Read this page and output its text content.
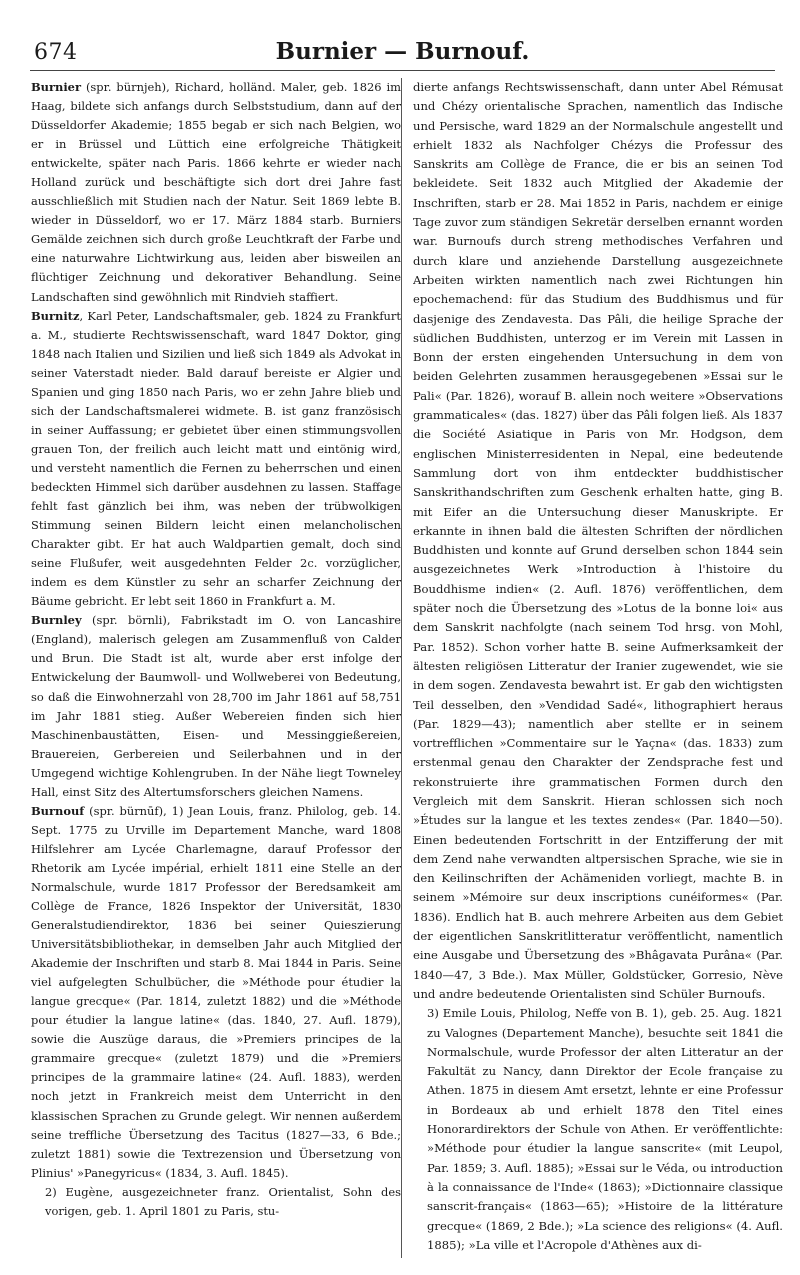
674	Burnier — Burnouf.

Burnier (spr. bürnjeh), Richard, holländ. Maler, geb. 1826 im Haag, bildete sich anfangs durch Selbststudium, dann auf der Düsseldorfer Akademie; 1855 begab er sich nach Belgien, wo er in Brüssel und Lüttich eine erfolgreiche Thätigkeit entwickelte, später nach Paris. 1866 kehrte er wieder nach Holland zurück und beschäftigte sich dort drei Jahre fast ausschließlich mit Studien nach der Natur. Seit 1869 lebte B. wieder in Düsseldorf, wo er 17. März 1884 starb. Burniers Gemälde zeichnen sich durch große Leuchtkraft der Farbe und eine naturwahre Lichtwirkung aus, leiden aber bisweilen an flüchtiger Zeichnung und dekorativer Behandlung. Seine Landschaften sind gewöhnlich mit Rindvieh staffiert.

Burnitz, Karl Peter, Landschaftsmaler, geb. 1824 zu Frankfurt a. M., studierte Rechtswissenschaft, ward 1847 Doktor, ging 1848 nach Italien und Sizilien und ließ sich 1849 als Advokat in seiner Vaterstadt nieder. Bald darauf bereiste er Algier und Spanien und ging 1850 nach Paris, wo er zehn Jahre blieb und sich der Landschaftsmalerei widmete. B. ist ganz französisch in seiner Auffassung; er gebietet über einen stimmungsvollen grauen Ton, der freilich auch leicht matt und eintönig wird, und versteht namentlich die Fernen zu beherrschen und einen bedeckten Himmel sich darüber ausdehnen zu lassen. Staffage fehlt fast gänzlich bei ihm, was neben der trübwolkigen Stimmung seinen Bildern leicht einen melancholischen Charakter gibt. Er hat auch Waldpartien gemalt, doch sind seine Flußufer, weit ausgedehnten Felder 2c. vorzüglicher, indem es dem Künstler zu sehr an scharfer Zeichnung der Bäume gebricht. Er lebt seit 1860 in Frankfurt a. M.

Burnley (spr. börnli), Fabrikstadt im O. von Lancashire (England), malerisch gelegen am Zusammenfluß von Calder und Brun. Die Stadt ist alt, wurde aber erst infolge der Entwickelung der Baumwoll- und Wollweberei von Bedeutung, so daß die Einwohnerzahl von 28,700 im Jahr 1861 auf 58,751 im Jahr 1881 stieg. Außer Webereien finden sich hier Maschinenbaustätten, Eisen- und Messinggießereien, Brauereien, Gerbereien und Seilerbahnen und in der Umgegend wichtige Kohlengruben. In der Nähe liegt Towneley Hall, einst Sitz des Altertumsforschers gleichen Namens.

Burnouf (spr. bürnūf), 1) Jean Louis, franz. Philolog, geb. 14. Sept. 1775 zu Urville im Departement Manche, ward 1808 Hilfslehrer am Lycée Charlemagne, darauf Professor der Rhetorik am Lycée impérial, erhielt 1811 eine Stelle an der Normalschule, wurde 1817 Professor der Beredsamkeit am Collège de France, 1826 Inspektor der Universität, 1830 Generalstudiendirektor, 1836 bei seiner Quieszierung Universitätsbibliothekar, in demselben Jahr auch Mitglied der Akademie der Inschriften und starb 8. Mai 1844 in Paris. Seine viel aufgelegten Schulbücher, die »Méthode pour étudier la langue grecque« (Par. 1814, zuletzt 1882) und die »Méthode pour étudier la langue latine« (das. 1840, 27. Aufl. 1879), sowie die Auszüge daraus, die »Premiers principes de la grammaire grecque« (zuletzt 1879) und die »Premiers principes de la grammaire latine« (24. Aufl. 1883), werden noch jetzt in Frankreich meist dem Unterricht in den klassischen Sprachen zu Grunde gelegt. Wir nennen außerdem seine treffliche Übersetzung des Tacitus (1827—33, 6 Bde.; zuletzt 1881) sowie die Textrezension und Übersetzung von Plinius' »Panegyricus« (1834, 3. Aufl. 1845).

2) Eugène, ausgezeichneter franz. Orientalist, Sohn des vorigen, geb. 1. April 1801 zu Paris, stu-

dierte anfangs Rechtswissenschaft, dann unter Abel Rémusat und Chézy orientalische Sprachen, namentlich das Indische und Persische, ward 1829 an der Normalschule angestellt und erhielt 1832 als Nachfolger Chézys die Professur des Sanskrits am Collège de France, die er bis an seinen Tod bekleidete. Seit 1832 auch Mitglied der Akademie der Inschriften, starb er 28. Mai 1852 in Paris, nachdem er einige Tage zuvor zum ständigen Sekretär derselben ernannt worden war. Burnoufs durch streng methodisches Verfahren und durch klare und anziehende Darstellung ausgezeichnete Arbeiten wirkten namentlich nach zwei Richtungen hin epochemachend: für das Studium des Buddhismus und für dasjenige des Zendavesta. Das Pâli, die heilige Sprache der südlichen Buddhisten, unterzog er im Verein mit Lassen in Bonn der ersten eingehenden Untersuchung in dem von beiden Gelehrten zusammen herausgegebenen »Essai sur le Pali« (Par. 1826), worauf B. allein noch weitere »Observations grammaticales« (das. 1827) über das Pâli folgen ließ. Als 1837 die Société Asiatique in Paris von Mr. Hodgson, dem englischen Ministerresidenten in Nepal, eine bedeutende Sammlung dort von ihm entdeckter buddhistischer Sanskrithandschriften zum Geschenk erhalten hatte, ging B. mit Eifer an die Untersuchung dieser Manuskripte. Er erkannte in ihnen bald die ältesten Schriften der nördlichen Buddhisten und konnte auf Grund derselben schon 1844 sein ausgezeichnetes Werk »Introduction à l'histoire du Bouddhisme indien« (2. Aufl. 1876) veröffentlichen, dem später noch die Übersetzung des »Lotus de la bonne loi« aus dem Sanskrit nachfolgte (nach seinem Tod hrsg. von Mohl, Par. 1852). Schon vorher hatte B. seine Aufmerksamkeit der ältesten religiösen Litteratur der Iranier zugewendet, wie sie in dem sogen. Zendavesta bewahrt ist. Er gab den wichtigsten Teil desselben, den »Vendidad Sadé«, lithographiert heraus (Par. 1829—43); namentlich aber stellte er in seinem vortrefflichen »Commentaire sur le Yaçna« (das. 1833) zum erstenmal genau den Charakter der Zendsprache fest und rekonstruierte ihre grammatischen Formen durch den Vergleich mit dem Sanskrit. Hieran schlossen sich noch »Études sur la langue et les textes zendes« (Par. 1840—50). Einen bedeutenden Fortschritt in der Entzifferung der mit dem Zend nahe verwandten altpersischen Sprache, wie sie in den Keilinschriften der Achämeniden vorliegt, machte B. in seinem »Mémoire sur deux inscriptions cunéiformes« (Par. 1836). Endlich hat B. auch mehrere Arbeiten aus dem Gebiet der eigentlichen Sanskritlitteratur veröffentlicht, namentlich eine Ausgabe und Übersetzung des »Bhâgavata Purâna« (Par. 1840—47, 3 Bde.). Max Müller, Goldstücker, Gorresio, Nève und andre bedeutende Orientalisten sind Schüler Burnoufs.

3) Emile Louis, Philolog, Neffe von B. 1), geb. 25. Aug. 1821 zu Valognes (Departement Manche), besuchte seit 1841 die Normalschule, wurde Professor der alten Litteratur an der Fakultät zu Nancy, dann Direktor der Ecole française zu Athen. 1875 in diesem Amt ersetzt, lehnte er eine Professur in Bordeaux ab und erhielt 1878 den Titel eines Honorardirektors der Schule von Athen. Er veröffentlichte: »Méthode pour étudier la langue sanscrite« (mit Leupol, Par. 1859; 3. Aufl. 1885); »Essai sur le Véda, ou introduction à la connaissance de l'Inde« (1863); »Dictionnaire classique sanscrit-français« (1863—65); »Histoire de la littérature grecque« (1869, 2 Bde.); »La science des religions« (4. Aufl. 1885); »La ville et l'Acropole d'Athènes aux di-
